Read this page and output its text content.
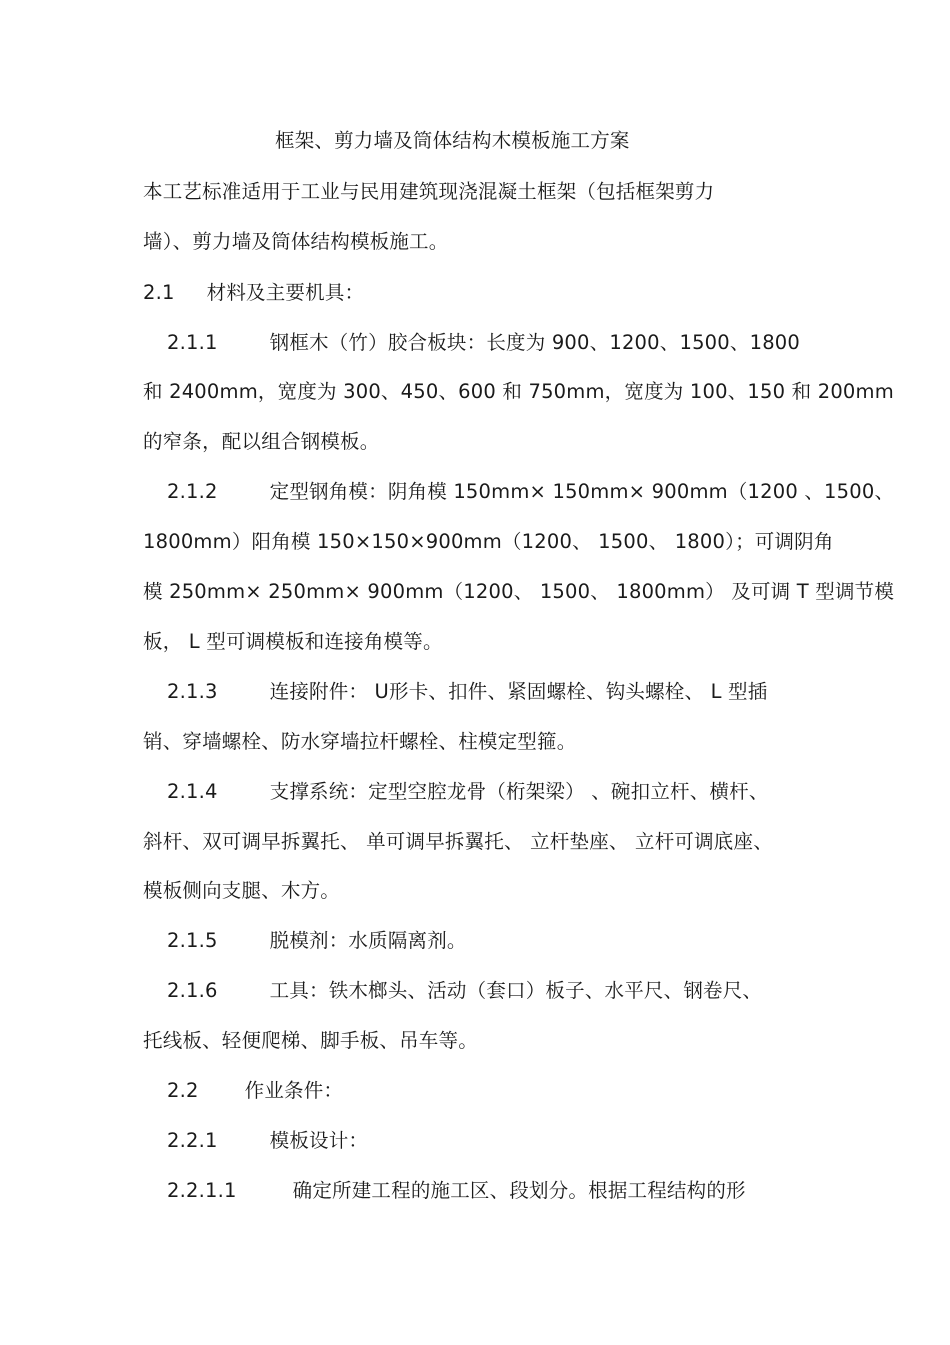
框架、剪力墙及筒体结构木模板施工方案
本工艺标准适用于工业与民用建筑现浇混凝土框架（包括框架剪力
墙）、剪力墙及筒体结构模板施工。
2.1 材料及主要机具：
2.1.1	钢框木（竹）胶合板块：长度为 900、1200、1500、1800
和 2400mm，宽度为 300、450、600 和 750mm，宽度为 100、150 和 200mm
的窄条，配以组合钢模板。
2.1.2	定型钢角模：阴角模 150mm× 150mm× 900mm（1200 、1500、
1800mm）阳角模 150×150×900mm（1200、 1500、 1800）；可调阴角
模 250mm× 250mm× 900mm（1200、 1500、 1800mm） 及可调 T 型调节模
板， L 型可调模板和连接角模等。
2.1.3	连接附件： U形卡、扣件、紧固螺栓、钩头螺栓、 L 型插
销、穿墙螺栓、防水穿墙拉杆螺栓、柱模定型箍。
2.1.4	支撑系统：定型空腔龙骨（桁架梁） 、碗扣立杆、横杆、
斜杆、双可调早拆翼托、 单可调早拆翼托、 立杆垫座、 立杆可调底座、
模板侧向支腿、木方。
2.1.5	脱模剂：水质隔离剂。
2.1.6	工具：铁木榔头、活动（套口）板子、水平尺、钢卷尺、
托线板、轻便爬梯、脚手板、吊车等。
2.2 作业条件：
2.2.1	模板设计：
2.2.1.1	确定所建工程的施工区、段划分。根据工程结构的形
